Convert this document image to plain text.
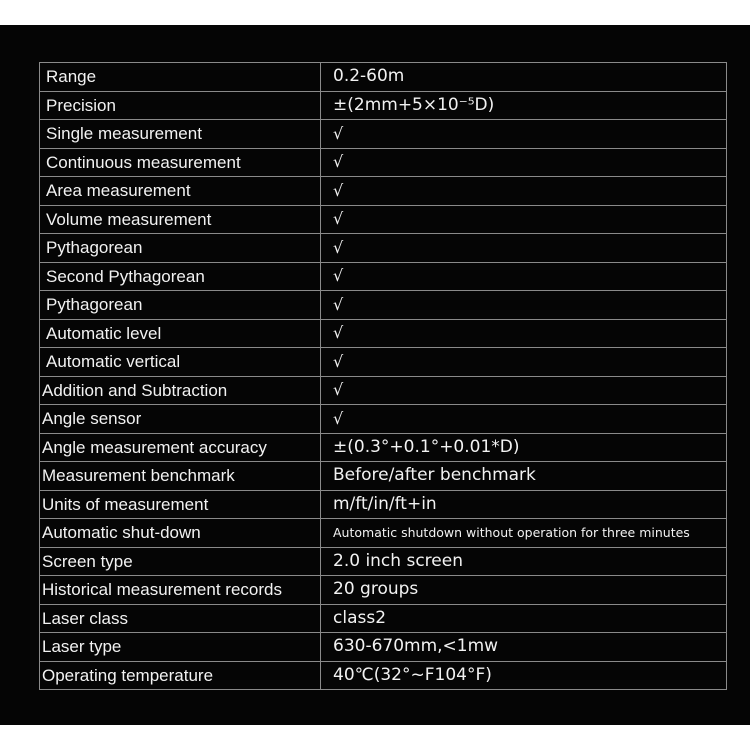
Range	0.2-60m
Precision	±(2mm+5×10⁻⁵D)
Single measurement	√
Continuous measurement	√
Area measurement	√
Volume measurement	√
Pythagorean	√
Second Pythagorean	√
Pythagorean	√
Automatic level	√
Automatic vertical	√
Addition and Subtraction	√
Angle sensor	√
Angle measurement accuracy	±(0.3°+0.1°+0.01*D)
Measurement benchmark	Before/after benchmark
Units of measurement	m/ft/in/ft+in
Automatic shut-down	Automatic shutdown without operation for three minutes
Screen type	2.0 inch screen
Historical measurement records	20 groups
Laser class	class2
Laser type	630-670mm,<1mw
Operating temperature	40℃(32°~F104°F)
